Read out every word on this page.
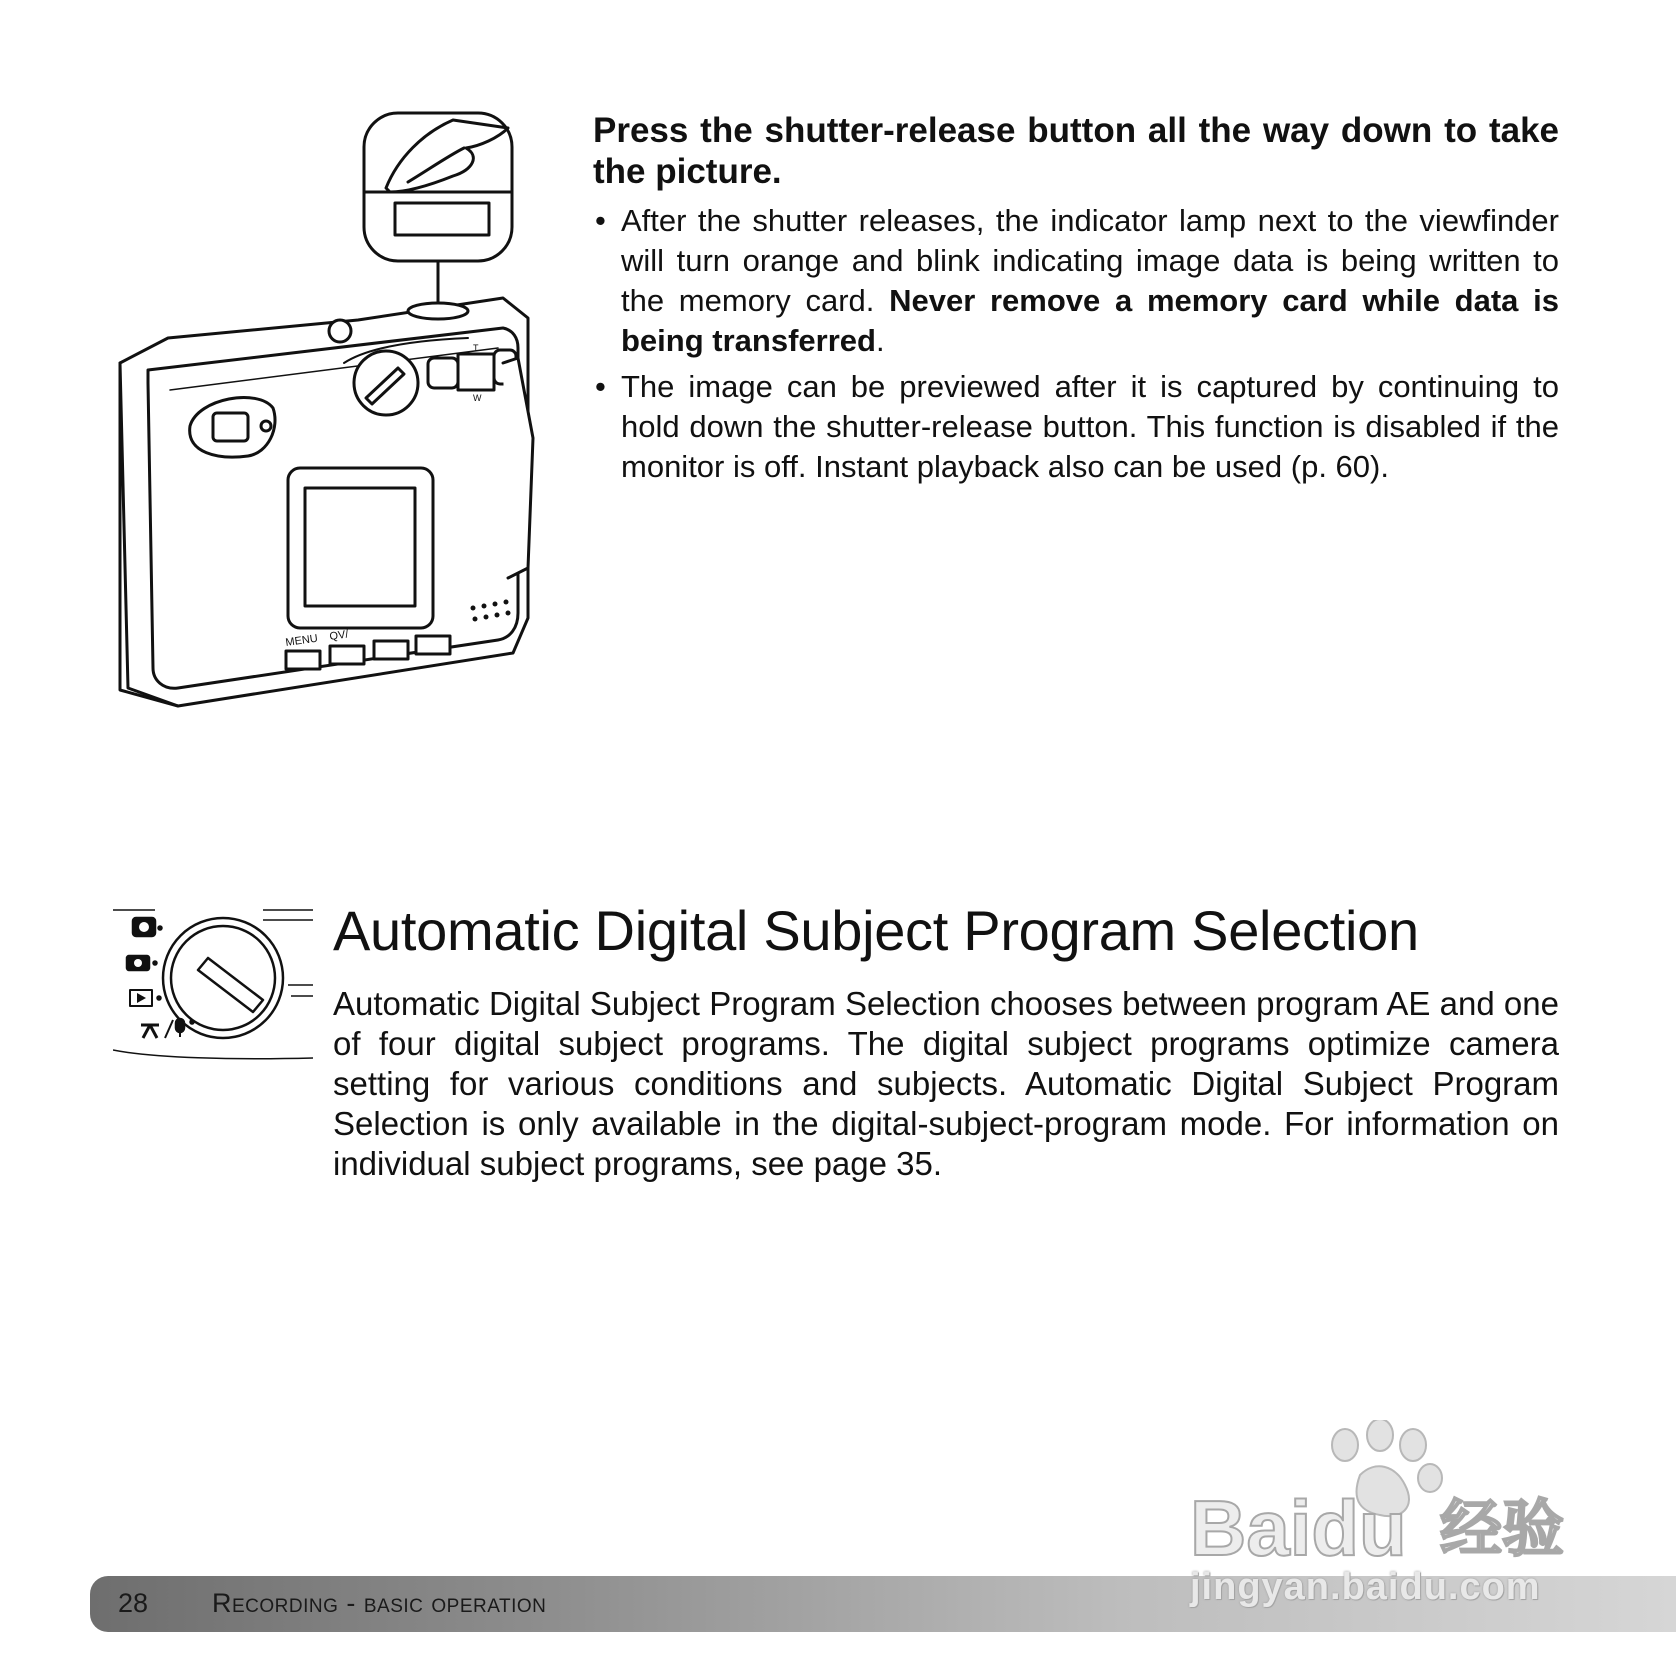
MENU QV/
T
W

Press the shutter-release button all the way down to take the picture.

• After the shutter releases, the indicator lamp next to the viewfinder will turn orange and blink indicating image data is being written to the memory card. Never remove a memory card while data is being transferred.
• The image can be previewed after it is captured by continuing to hold down the shutter-release button. This function is disabled if the monitor is off. Instant playback also can be used (p. 60).
Automatic Digital Subject Program Selection

Automatic Digital Subject Program Selection chooses between program AE and one of four digital subject programs. The digital subject programs optimize camera setting for various conditions and subjects. Automatic Digital Subject Program Selection is only available in the digital-subject-program mode. For information on individual subject programs, see page 35.

28 Recording - basic operation
Baidu 经验
jingyan.baidu.com
